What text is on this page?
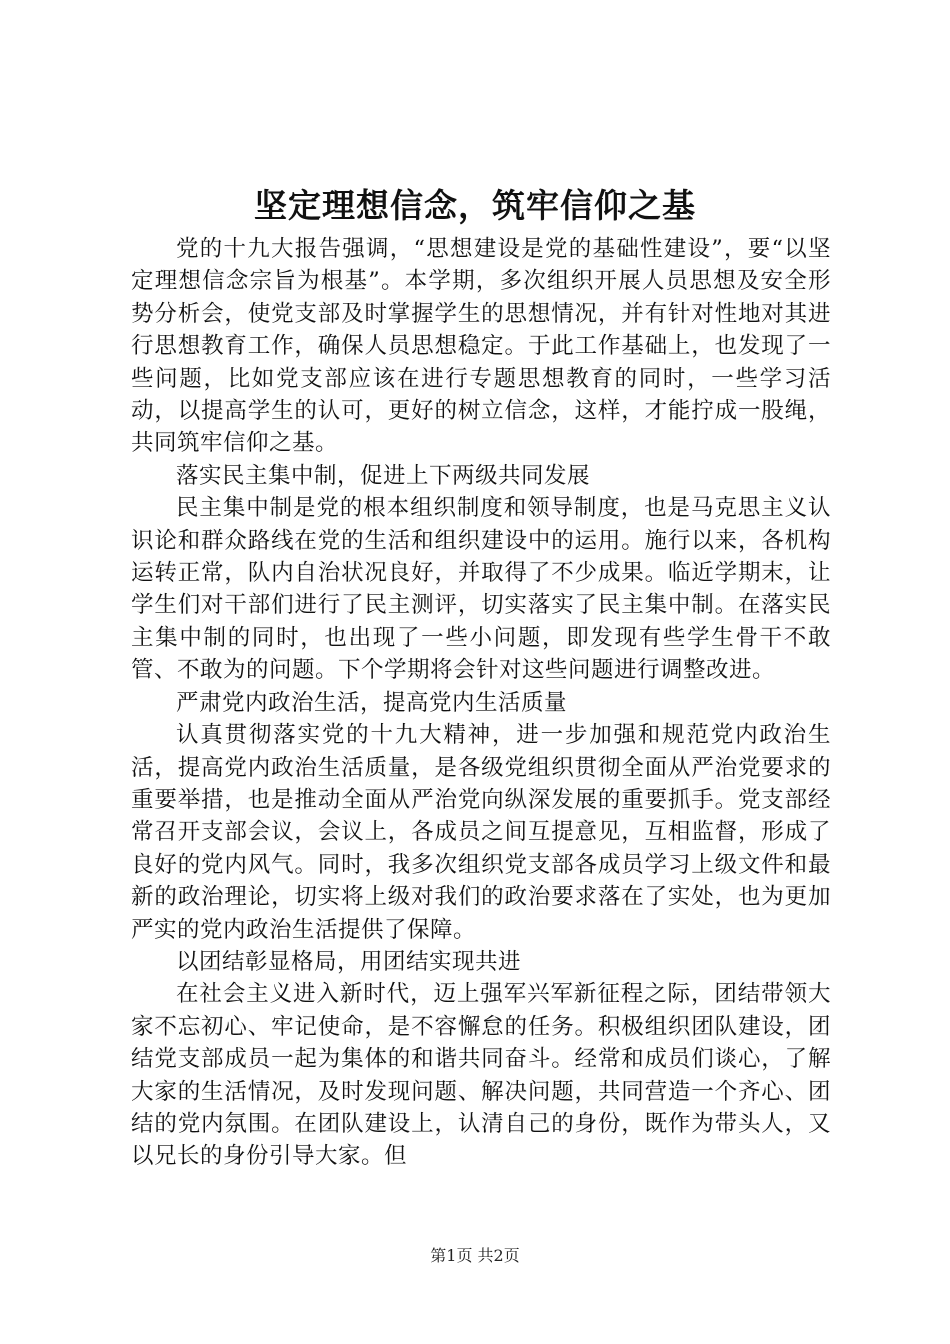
坚定理想信念，筑牢信仰之基

党的十九大报告强调，“思想建设是党的基础性建设”，要“以坚定理想信念宗旨为根基”。本学期，多次组织开展人员思想及安全形势分析会，使党支部及时掌握学生的思想情况，并有针对性地对其进行思想教育工作，确保人员思想稳定。于此工作基础上，也发现了一些问题，比如党支部应该在进行专题思想教育的同时，一些学习活动，以提高学生的认可，更好的树立信念，这样，才能拧成一股绳，共同筑牢信仰之基。

落实民主集中制，促进上下两级共同发展

民主集中制是党的根本组织制度和领导制度，也是马克思主义认识论和群众路线在党的生活和组织建设中的运用。施行以来，各机构运转正常，队内自治状况良好，并取得了不少成果。临近学期末，让学生们对干部们进行了民主测评，切实落实了民主集中制。在落实民主集中制的同时，也出现了一些小问题，即发现有些学生骨干不敢管、不敢为的问题。下个学期将会针对这些问题进行调整改进。

严肃党内政治生活，提高党内生活质量

认真贯彻落实党的十九大精神，进一步加强和规范党内政治生活，提高党内政治生活质量，是各级党组织贯彻全面从严治党要求的重要举措，也是推动全面从严治党向纵深发展的重要抓手。党支部经常召开支部会议，会议上，各成员之间互提意见，互相监督，形成了良好的党内风气。同时，我多次组织党支部各成员学习上级文件和最新的政治理论，切实将上级对我们的政治要求落在了实处，也为更加严实的党内政治生活提供了保障。

以团结彰显格局，用团结实现共进

在社会主义进入新时代，迈上强军兴军新征程之际，团结带领大家不忘初心、牢记使命，是不容懈怠的任务。积极组织团队建设，团结党支部成员一起为集体的和谐共同奋斗。经常和成员们谈心，了解大家的生活情况，及时发现问题、解决问题，共同营造一个齐心、团结的党内氛围。在团队建设上，认清自己的身份，既作为带头人，又以兄长的身份引导大家。但

第1页 共2页
